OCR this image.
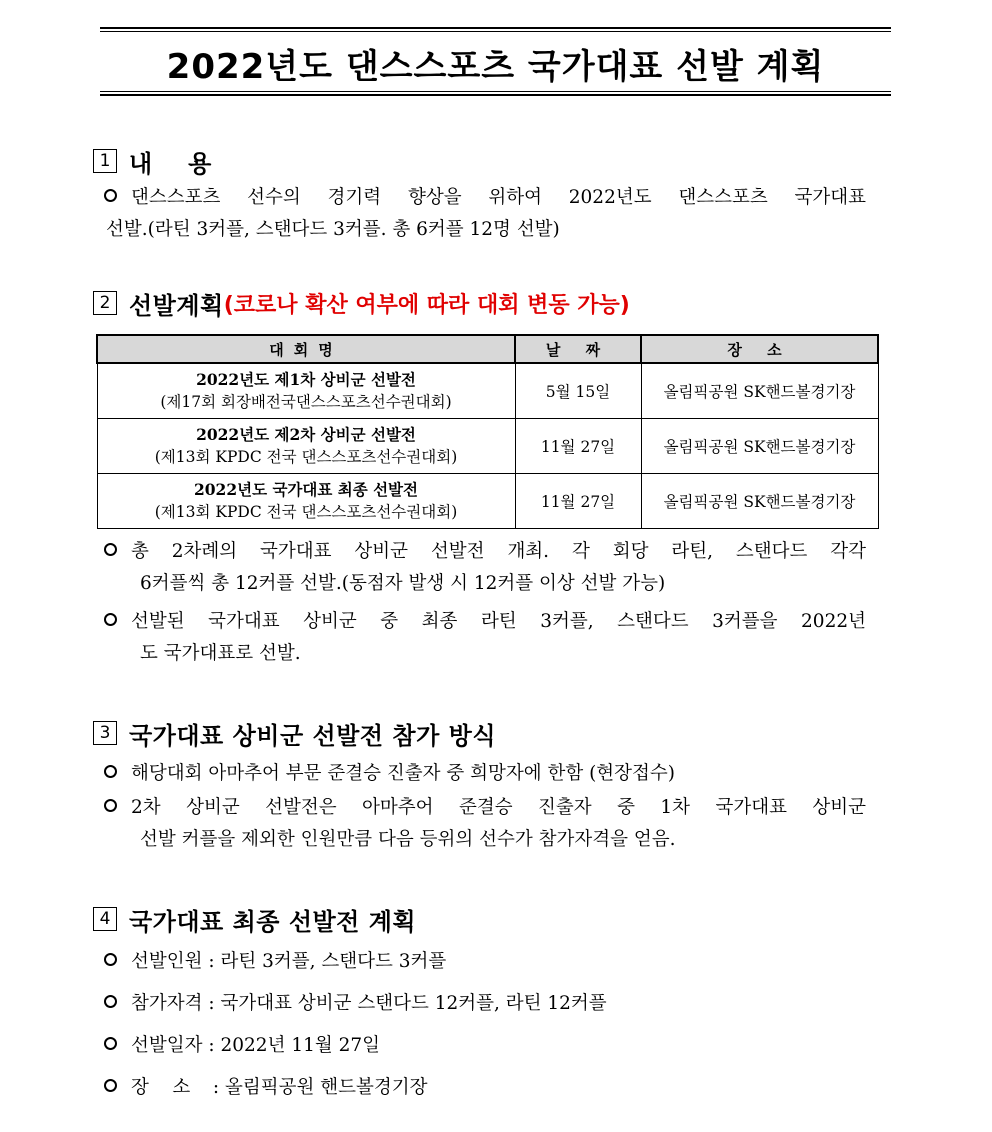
2022년도 댄스스포츠 국가대표 선발 계획
1 내    용
댄스스포츠 선수의 경기력 향상을 위하여 2022년도 댄스스포츠 국가대표
선발.(라틴 3커플, 스탠다드 3커플. 총 6커플 12명 선발)
2 선발계획 (코로나 확산 여부에 따라 대회 변동 가능)
대회명	날 짜	장 소

2022년도 제1차 상비군 선발전
(제17회 회장배전국댄스스포츠선수권대회)	5월 15일	올림픽공원 SK핸드볼경기장

2022년도 제2차 상비군 선발전
(제13회 KPDC 전국 댄스스포츠선수권대회)	11월 27일	올림픽공원 SK핸드볼경기장

2022년도 국가대표 최종 선발전
(제13회 KPDC 전국 댄스스포츠선수권대회)	11월 27일	올림픽공원 SK핸드볼경기장
총 2차례의 국가대표 상비군 선발전 개최. 각 회당 라틴, 스탠다드 각각
6커플씩 총 12커플 선발.(동점자 발생 시 12커플 이상 선발 가능)
선발된 국가대표 상비군 중 최종 라틴 3커플, 스탠다드 3커플을 2022년
도 국가대표로 선발.
3 국가대표 상비군 선발전 참가 방식
해당대회 아마추어 부문 준결승 진출자 중 희망자에 한함 (현장접수)
2차 상비군 선발전은 아마추어 준결승 진출자 중 1차 국가대표 상비군
선발 커플을 제외한 인원만큼 다음 등위의 선수가 참가자격을 얻음.
4 국가대표 최종 선발전 계획
선발인원 : 라틴 3커플, 스탠다드 3커플
참가자격 : 국가대표 상비군 스탠다드 12커플, 라틴 12커플
선발일자 : 2022년 11월 27일
장    소 : 올림픽공원 핸드볼경기장
